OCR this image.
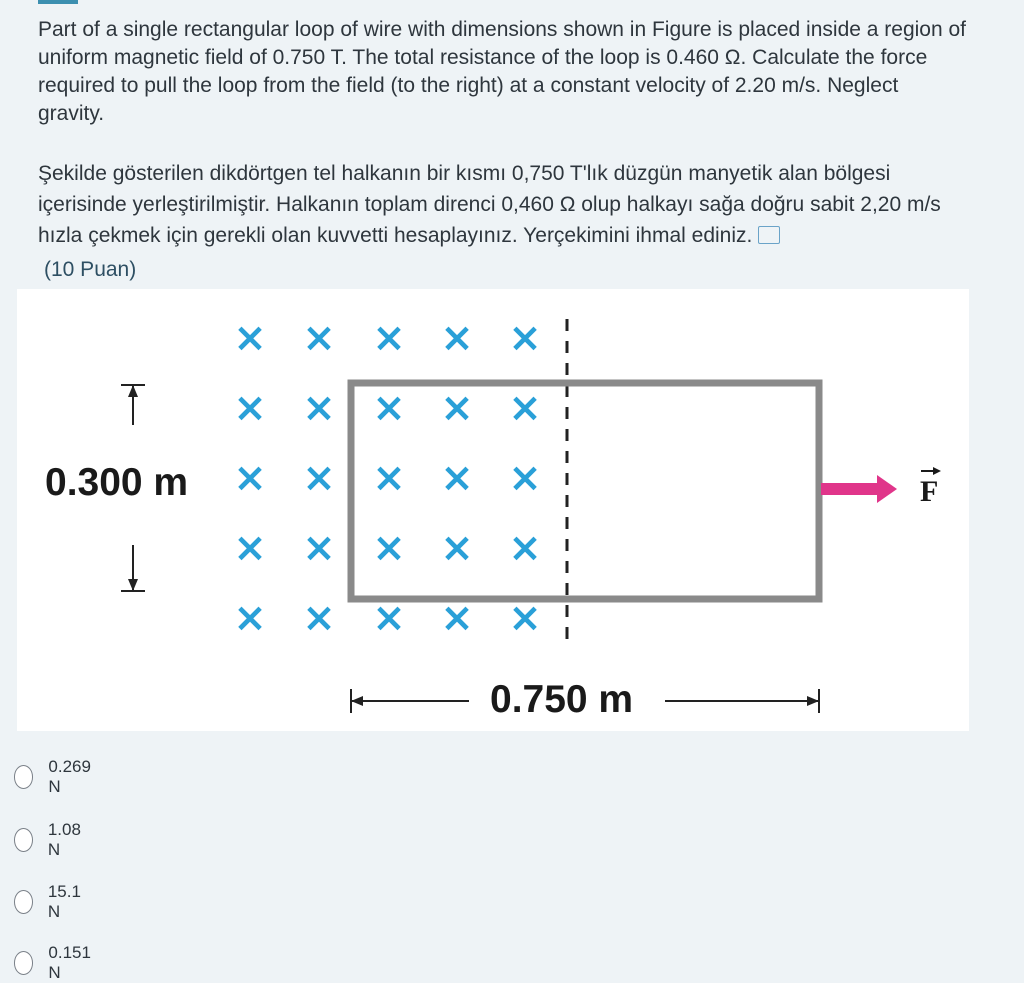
Part of a single rectangular loop of wire with dimensions shown in Figure is placed inside a region of uniform magnetic field of 0.750 T. The total resistance of the loop is 0.460 Ω. Calculate the force required to pull the loop from the field (to the right) at a constant velocity of 2.20 m/s. Neglect gravity.

Şekilde gösterilen dikdörtgen tel halkanın bir kısmı 0,750 T'lık düzgün manyetik alan bölgesi içerisinde yerleştirilmiştir. Halkanın toplam direnci 0,460 Ω olup halkayı sağa doğru sabit 2,20 m/s hızla çekmek için gerekli olan kuvvetti hesaplayınız. Yerçekimini ihmal ediniz.

(10 Puan)
× × × × ×
× × × × ×
× × × × ×
× × × × ×
× × × × ×
0.300 m
0.750 m
F
0.269 N
1.08 N
15.1 N
0.151 N
